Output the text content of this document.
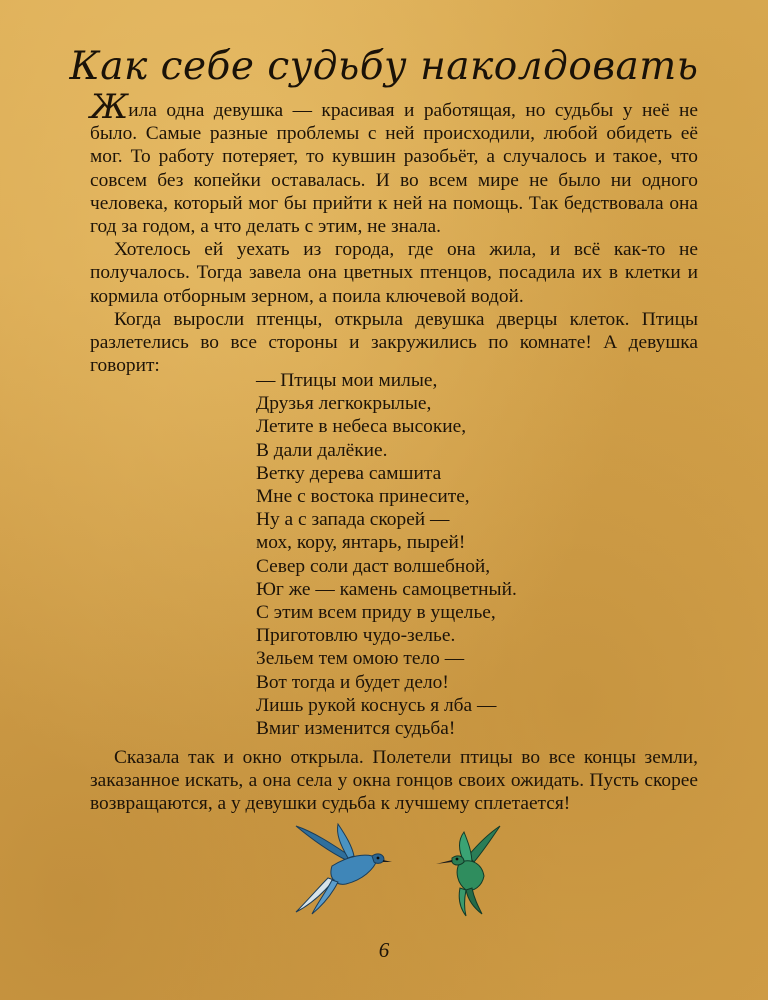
Как себе судьбу наколдовать

Жила одна девушка — красивая и работящая, но судьбы у неё не было. Самые разные проблемы с ней происходили, любой обидеть её мог. То работу потеряет, то кувшин разобьёт, а случалось и такое, что совсем без копейки оставалась. И во всем мире не было ни одного человека, который мог бы прийти к ней на помощь. Так бедствовала она год за годом, а что делать с этим, не знала.

Хотелось ей уехать из города, где она жила, и всё как-то не получалось. Тогда завела она цветных птенцов, посадила их в клетки и кормила отборным зерном, а поила ключевой водой.

Когда выросли птенцы, открыла девушка дверцы клеток. Птицы разлетелись во все стороны и закружились по комнате! А девушка говорит:

— Птицы мои милые,
Друзья легкокрылые,
Летите в небеса высокие,
В дали далёкие.
Ветку дерева самшита
Мне с востока принесите,
Ну а с запада скорей —
мох, кору, янтарь, пырей!
Север соли даст волшебной,
Юг же — камень самоцветный.
С этим всем приду в ущелье,
Приготовлю чудо-зелье.
Зельем тем омою тело —
Вот тогда и будет дело!
Лишь рукой коснусь я лба —
Вмиг изменится судьба!

Сказала так и окно открыла. Полетели птицы во все концы земли, заказанное искать, а она села у окна гонцов своих ожидать. Пусть скорее возвращаются, а у девушки судьба к лучшему сплетается!

6
